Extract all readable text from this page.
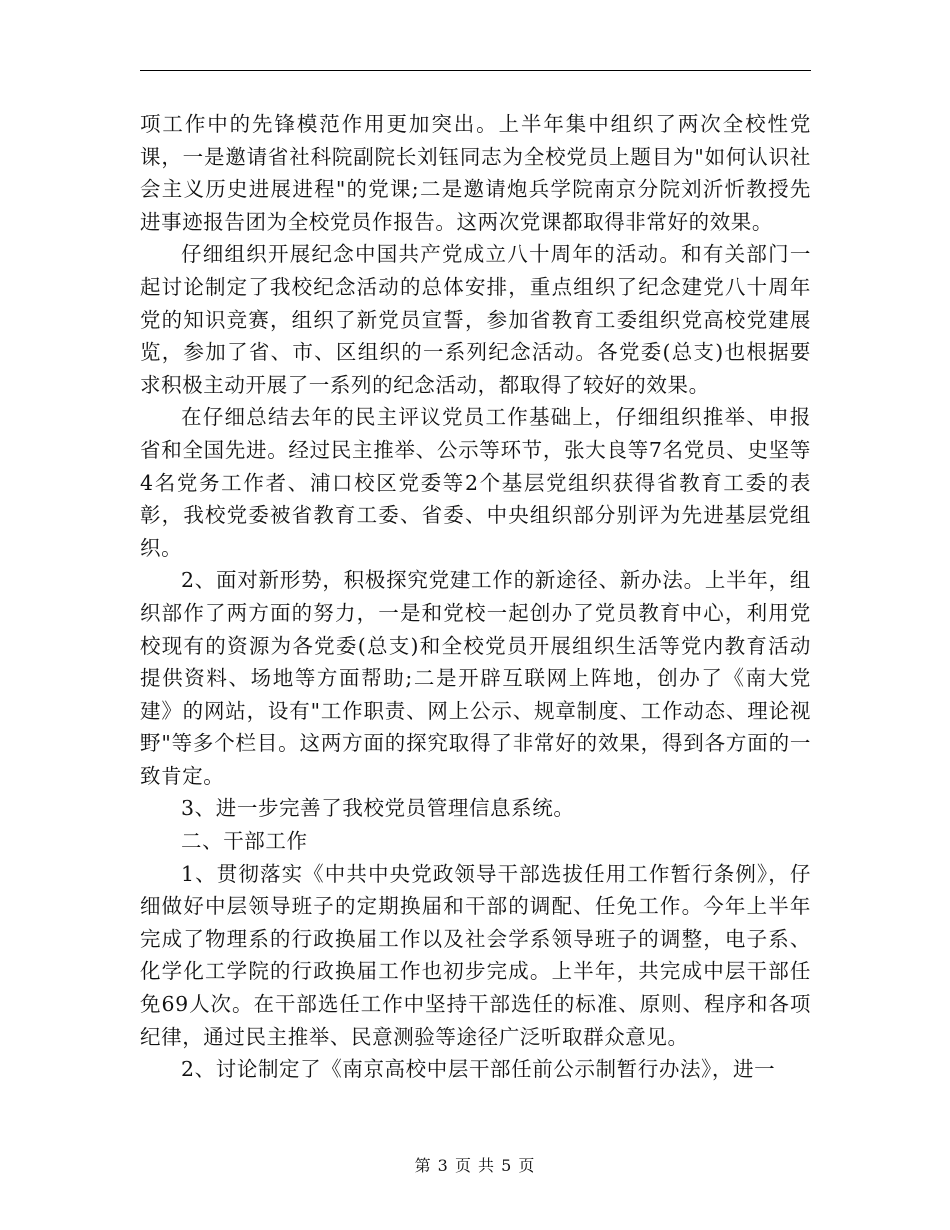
项工作中的先锋模范作用更加突出。上半年集中组织了两次全校性党课，一是邀请省社科院副院长刘钰同志为全校党员上题目为"如何认识社会主义历史进展进程"的党课;二是邀请炮兵学院南京分院刘沂忻教授先进事迹报告团为全校党员作报告。这两次党课都取得非常好的效果。

仔细组织开展纪念中国共产党成立八十周年的活动。和有关部门一起讨论制定了我校纪念活动的总体安排，重点组织了纪念建党八十周年党的知识竞赛，组织了新党员宣誓，参加省教育工委组织党高校党建展览，参加了省、市、区组织的一系列纪念活动。各党委(总支)也根据要求积极主动开展了一系列的纪念活动，都取得了较好的效果。

在仔细总结去年的民主评议党员工作基础上，仔细组织推举、申报省和全国先进。经过民主推举、公示等环节，张大良等7名党员、史坚等4名党务工作者、浦口校区党委等2个基层党组织获得省教育工委的表彰，我校党委被省教育工委、省委、中央组织部分别评为先进基层党组织。

2、面对新形势，积极探究党建工作的新途径、新办法。上半年，组织部作了两方面的努力，一是和党校一起创办了党员教育中心，利用党校现有的资源为各党委(总支)和全校党员开展组织生活等党内教育活动提供资料、场地等方面帮助;二是开辟互联网上阵地，创办了《南大党建》的网站，设有"工作职责、网上公示、规章制度、工作动态、理论视野"等多个栏目。这两方面的探究取得了非常好的效果，得到各方面的一致肯定。

3、进一步完善了我校党员管理信息系统。

二、干部工作

1、贯彻落实《中共中央党政领导干部选拔任用工作暂行条例》，仔细做好中层领导班子的定期换届和干部的调配、任免工作。今年上半年完成了物理系的行政换届工作以及社会学系领导班子的调整，电子系、化学化工学院的行政换届工作也初步完成。上半年，共完成中层干部任免69人次。在干部选任工作中坚持干部选任的标准、原则、程序和各项纪律，通过民主推举、民意测验等途径广泛听取群众意见。

2、讨论制定了《南京高校中层干部任前公示制暂行办法》，进一

第 3 页 共 5 页
